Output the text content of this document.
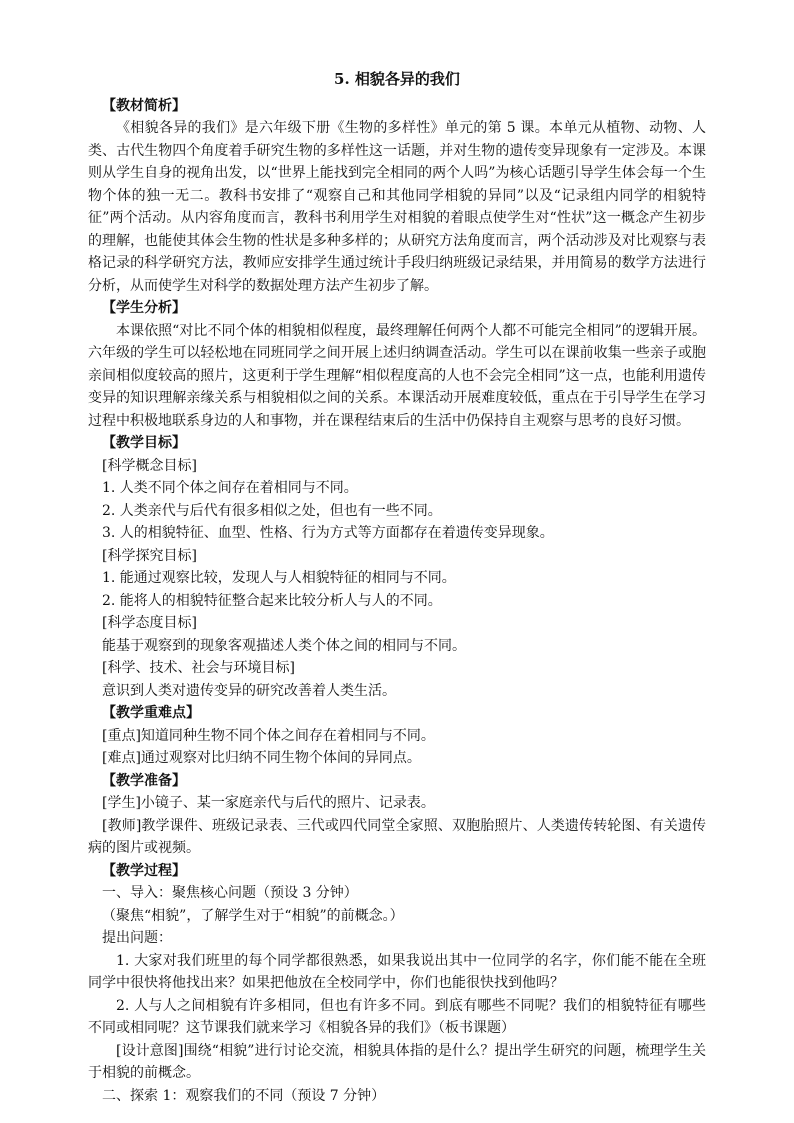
5. 相貌各异的我们

【教材简析】

《相貌各异的我们》是六年级下册《生物的多样性》单元的第 5 课。本单元从植物、动物、人类、古代生物四个角度着手研究生物的多样性这一话题，并对生物的遗传变异现象有一定涉及。本课则从学生自身的视角出发，以“世界上能找到完全相同的两个人吗”为核心话题引导学生体会每一个生物个体的独一无二。教科书安排了“观察自己和其他同学相貌的异同”以及“记录组内同学的相貌特征”两个活动。从内容角度而言，教科书利用学生对相貌的着眼点使学生对“性状”这一概念产生初步的理解，也能使其体会生物的性状是多种多样的；从研究方法角度而言，两个活动涉及对比观察与表格记录的科学研究方法，教师应安排学生通过统计手段归纳班级记录结果，并用简易的数学方法进行分析，从而使学生对科学的数据处理方法产生初步了解。

【学生分析】

本课依照“对比不同个体的相貌相似程度，最终理解任何两个人都不可能完全相同”的逻辑开展。六年级的学生可以轻松地在同班同学之间开展上述归纳调查活动。学生可以在课前收集一些亲子或胞亲间相似度较高的照片，这更利于学生理解“相似程度高的人也不会完全相同”这一点，也能利用遗传变异的知识理解亲缘关系与相貌相似之间的关系。本课活动开展难度较低，重点在于引导学生在学习过程中积极地联系身边的人和事物，并在课程结束后的生活中仍保持自主观察与思考的良好习惯。

【教学目标】

[科学概念目标]

1. 人类不同个体之间存在着相同与不同。

2. 人类亲代与后代有很多相似之处，但也有一些不同。

3. 人的相貌特征、血型、性格、行为方式等方面都存在着遗传变异现象。

[科学探究目标]

1. 能通过观察比较，发现人与人相貌特征的相同与不同。

2. 能将人的相貌特征整合起来比较分析人与人的不同。

[科学态度目标]

能基于观察到的现象客观描述人类个体之间的相同与不同。

[科学、技术、社会与环境目标]

意识到人类对遗传变异的研究改善着人类生活。

【教学重难点】

[重点]知道同种生物不同个体之间存在着相同与不同。

[难点]通过观察对比归纳不同生物个体间的异同点。

【教学准备】

[学生]小镜子、某一家庭亲代与后代的照片、记录表。

[教师]教学课件、班级记录表、三代或四代同堂全家照、双胞胎照片、人类遗传转轮图、有关遗传病的图片或视频。

【教学过程】

一、导入：聚焦核心问题（预设 3 分钟）

（聚焦“相貌”，了解学生对于“相貌”的前概念。）

提出问题：

1. 大家对我们班里的每个同学都很熟悉，如果我说出其中一位同学的名字，你们能不能在全班同学中很快将他找出来？如果把他放在全校同学中，你们也能很快找到他吗？

2. 人与人之间相貌有许多相同，但也有许多不同。到底有哪些不同呢？我们的相貌特征有哪些不同或相同呢？这节课我们就来学习《相貌各异的我们》（板书课题）

[设计意图]围绕“相貌”进行讨论交流，相貌具体指的是什么？提出学生研究的问题，梳理学生关于相貌的前概念。

二、探索 1：观察我们的不同（预设 7 分钟）
